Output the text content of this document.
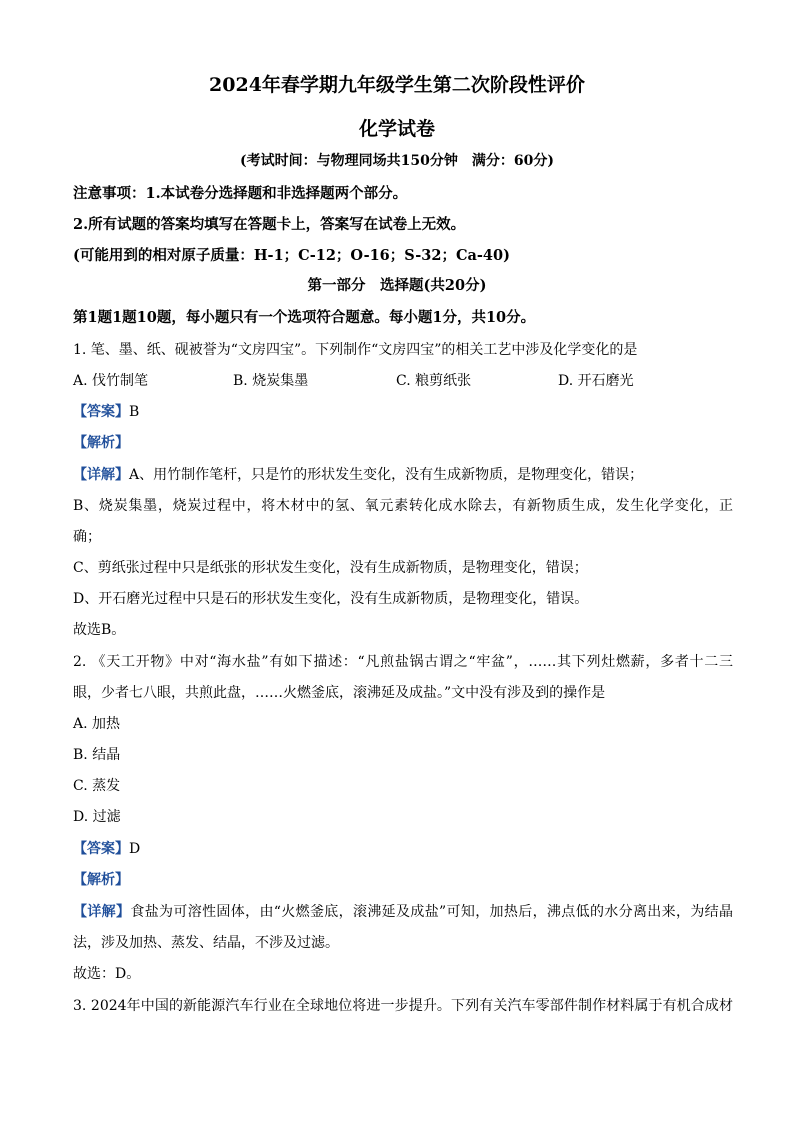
2024年春学期九年级学生第二次阶段性评价
化学试卷
(考试时间：与物理同场共150分钟　满分：60分)
注意事项：1.本试卷分选择题和非选择题两个部分。
2.所有试题的答案均填写在答题卡上，答案写在试卷上无效。
(可能用到的相对原子质量：H-1；C-12；O-16；S-32；Ca-40)
第一部分　选择题(共20分)
第1题1题10题，每小题只有一个选项符合题意。每小题1分，共10分。
1. 笔、墨、纸、砚被誉为“文房四宝”。下列制作“文房四宝”的相关工艺中涉及化学变化的是
A. 伐竹制笔	B. 烧炭集墨	C. 粮剪纸张	D. 开石磨光
【答案】B
【解析】
【详解】A、用竹制作笔杆，只是竹的形状发生变化，没有生成新物质，是物理变化，错误；
B、烧炭集墨，烧炭过程中，将木材中的氢、氧元素转化成水除去，有新物质生成，发生化学变化，正
确；
C、剪纸张过程中只是纸张的形状发生变化，没有生成新物质，是物理变化，错误；
D、开石磨光过程中只是石的形状发生变化，没有生成新物质，是物理变化，错误。
故选B。
2. 《天工开物》中对“海水盐”有如下描述：“凡煎盐锅古谓之“牢盆”，……其下列灶燃薪，多者十二三
眼，少者七八眼，共煎此盘，……火燃釜底，滚沸延及成盐。”文中没有涉及到的操作是
A. 加热
B. 结晶
C. 蒸发
D. 过滤
【答案】D
【解析】
【详解】食盐为可溶性固体，由“火燃釜底，滚沸延及成盐”可知，加热后，沸点低的水分离出来，为结晶
法，涉及加热、蒸发、结晶，不涉及过滤。
故选：D。
3. 2024年中国的新能源汽车行业在全球地位将进一步提升。下列有关汽车零部件制作材料属于有机合成材
